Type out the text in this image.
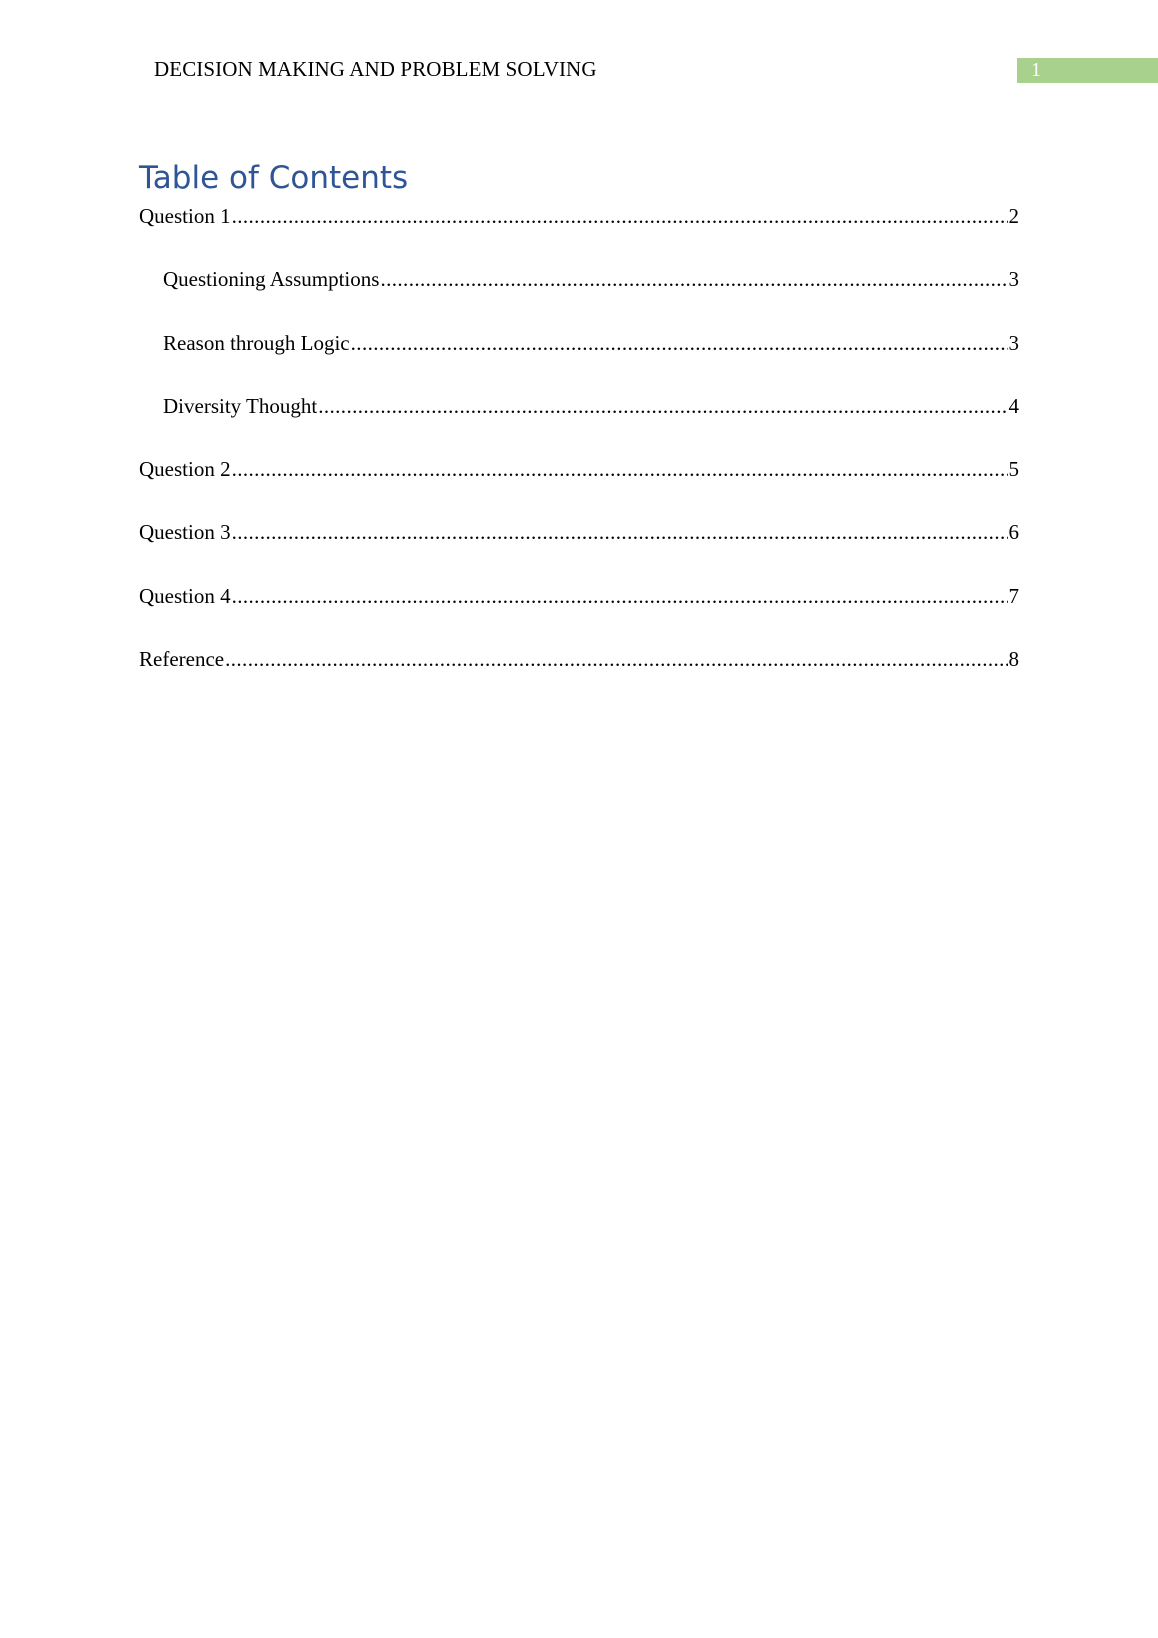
DECISION MAKING AND PROBLEM SOLVING	1
Table of Contents
Question 1 .....	2
Questioning Assumptions .....	3
Reason through Logic .....	3
Diversity Thought .....	4
Question 2 .....	5
Question 3 .....	6
Question 4 .....	7
Reference .....	8
